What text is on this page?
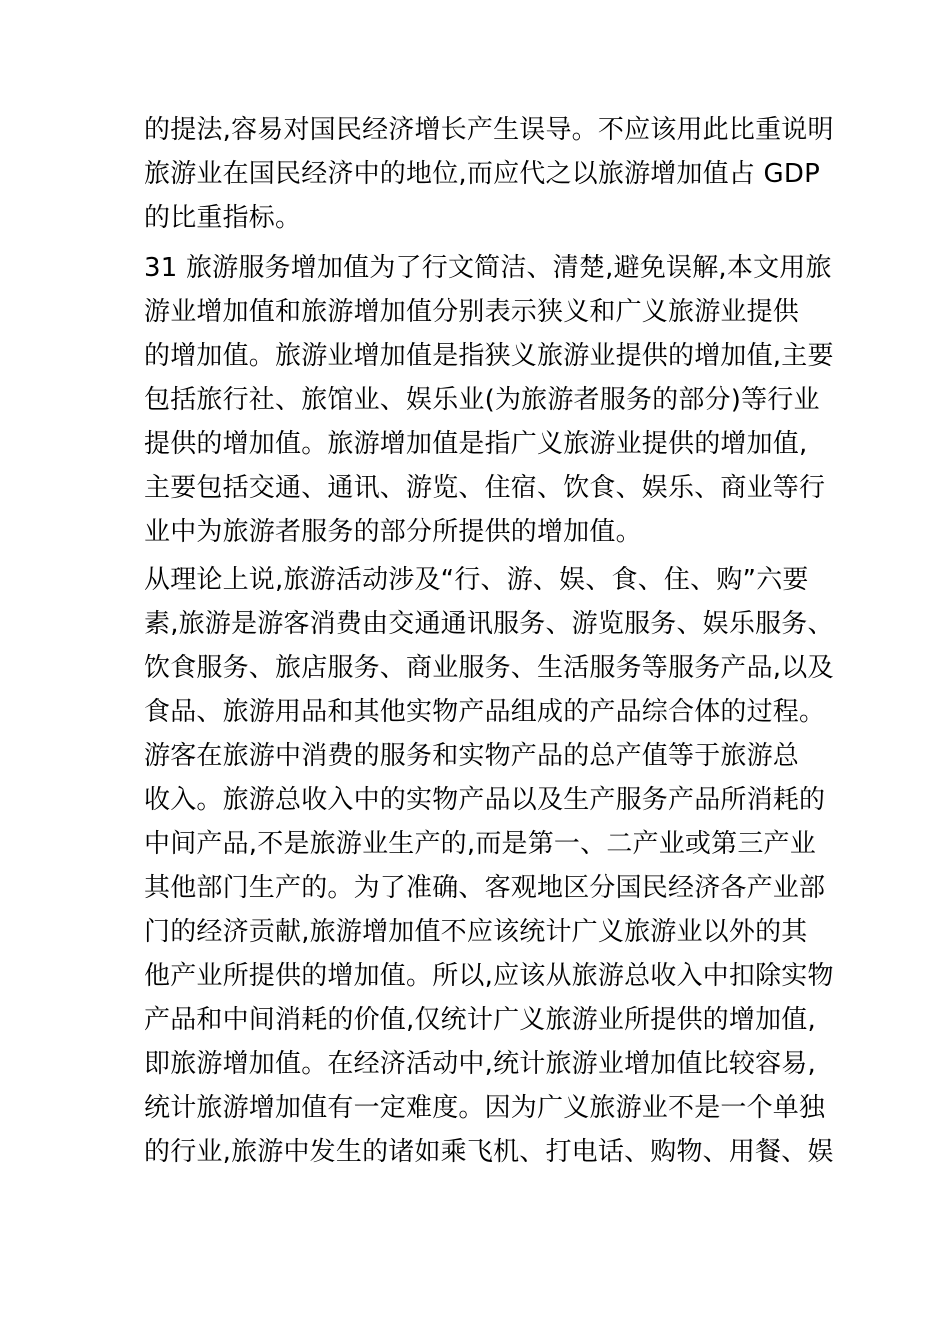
的提法,容易对国民经济增长产生误导。不应该用此比重说明
旅游业在国民经济中的地位,而应代之以旅游增加值占 GDP
的比重指标。
31 旅游服务增加值为了行文简洁、清楚,避免误解,本文用旅
游业增加值和旅游增加值分别表示狭义和广义旅游业提供
的增加值。旅游业增加值是指狭义旅游业提供的增加值,主要
包括旅行社、旅馆业、娱乐业(为旅游者服务的部分)等行业
提供的增加值。旅游增加值是指广义旅游业提供的增加值,
主要包括交通、通讯、游览、住宿、饮食、娱乐、商业等行
业中为旅游者服务的部分所提供的增加值。
从理论上说,旅游活动涉及“行、游、娱、食、住、购”六要
素,旅游是游客消费由交通通讯服务、游览服务、娱乐服务、
饮食服务、旅店服务、商业服务、生活服务等服务产品,以及
食品、旅游用品和其他实物产品组成的产品综合体的过程。
游客在旅游中消费的服务和实物产品的总产值等于旅游总
收入。旅游总收入中的实物产品以及生产服务产品所消耗的
中间产品,不是旅游业生产的,而是第一、二产业或第三产业
其他部门生产的。为了准确、客观地区分国民经济各产业部
门的经济贡献,旅游增加值不应该统计广义旅游业以外的其
他产业所提供的增加值。所以,应该从旅游总收入中扣除实物
产品和中间消耗的价值,仅统计广义旅游业所提供的增加值,
即旅游增加值。在经济活动中,统计旅游业增加值比较容易,
统计旅游增加值有一定难度。因为广义旅游业不是一个单独
的行业,旅游中发生的诸如乘飞机、打电话、购物、用餐、娱
